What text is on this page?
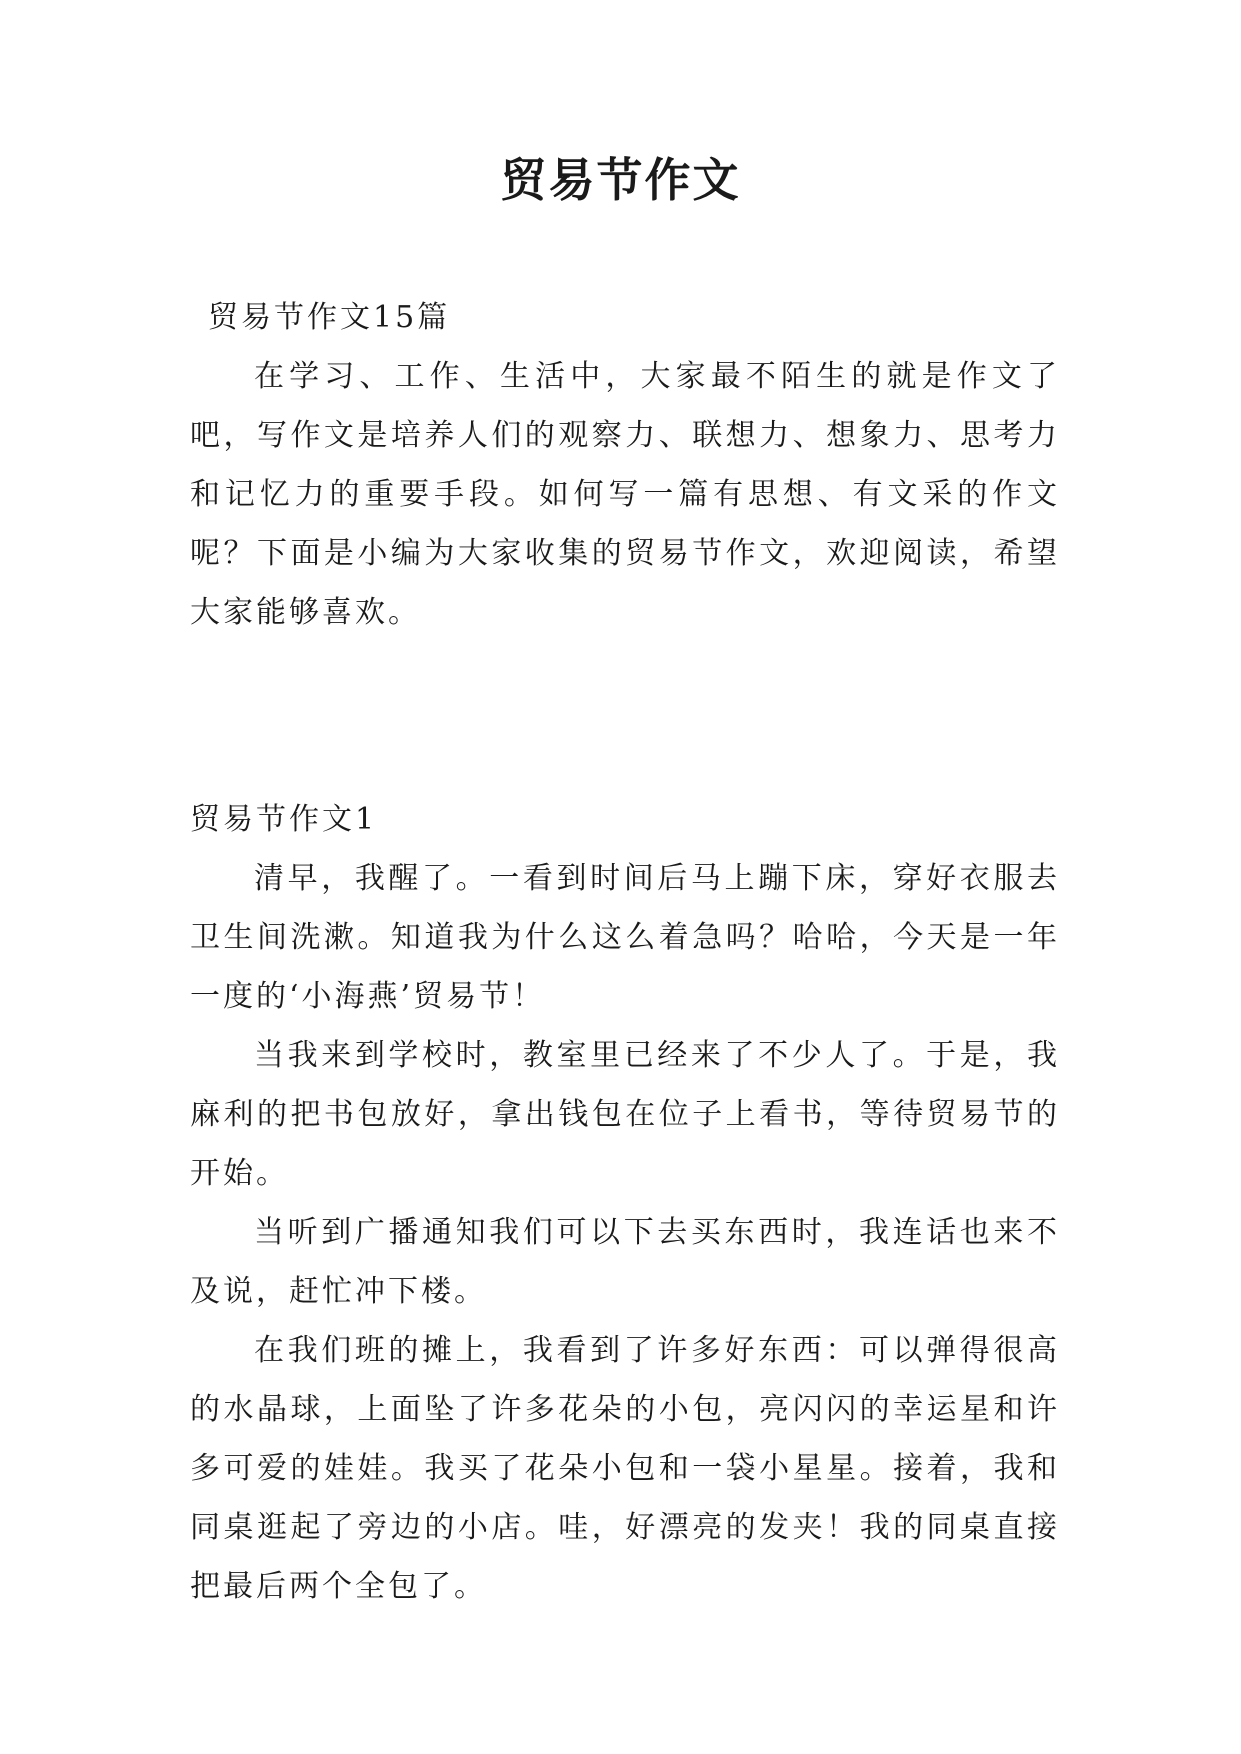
贸易节作文
贸易节作文15篇

在学习、工作、生活中，大家最不陌生的就是作文了吧，写作文是培养人们的观察力、联想力、想象力、思考力和记忆力的重要手段。如何写一篇有思想、有文采的作文呢？下面是小编为大家收集的贸易节作文，欢迎阅读，希望大家能够喜欢。

贸易节作文1

清早，我醒了。一看到时间后马上蹦下床，穿好衣服去卫生间洗漱。知道我为什么这么着急吗？哈哈，今天是一年一度的‘小海燕’贸易节！

当我来到学校时，教室里已经来了不少人了。于是，我麻利的把书包放好，拿出钱包在位子上看书，等待贸易节的开始。

当听到广播通知我们可以下去买东西时，我连话也来不及说，赶忙冲下楼。

在我们班的摊上，我看到了许多好东西：可以弹得很高的水晶球，上面坠了许多花朵的小包，亮闪闪的幸运星和许多可爱的娃娃。我买了花朵小包和一袋小星星。接着，我和同桌逛起了旁边的小店。哇，好漂亮的发夹！我的同桌直接把最后两个全包了。
